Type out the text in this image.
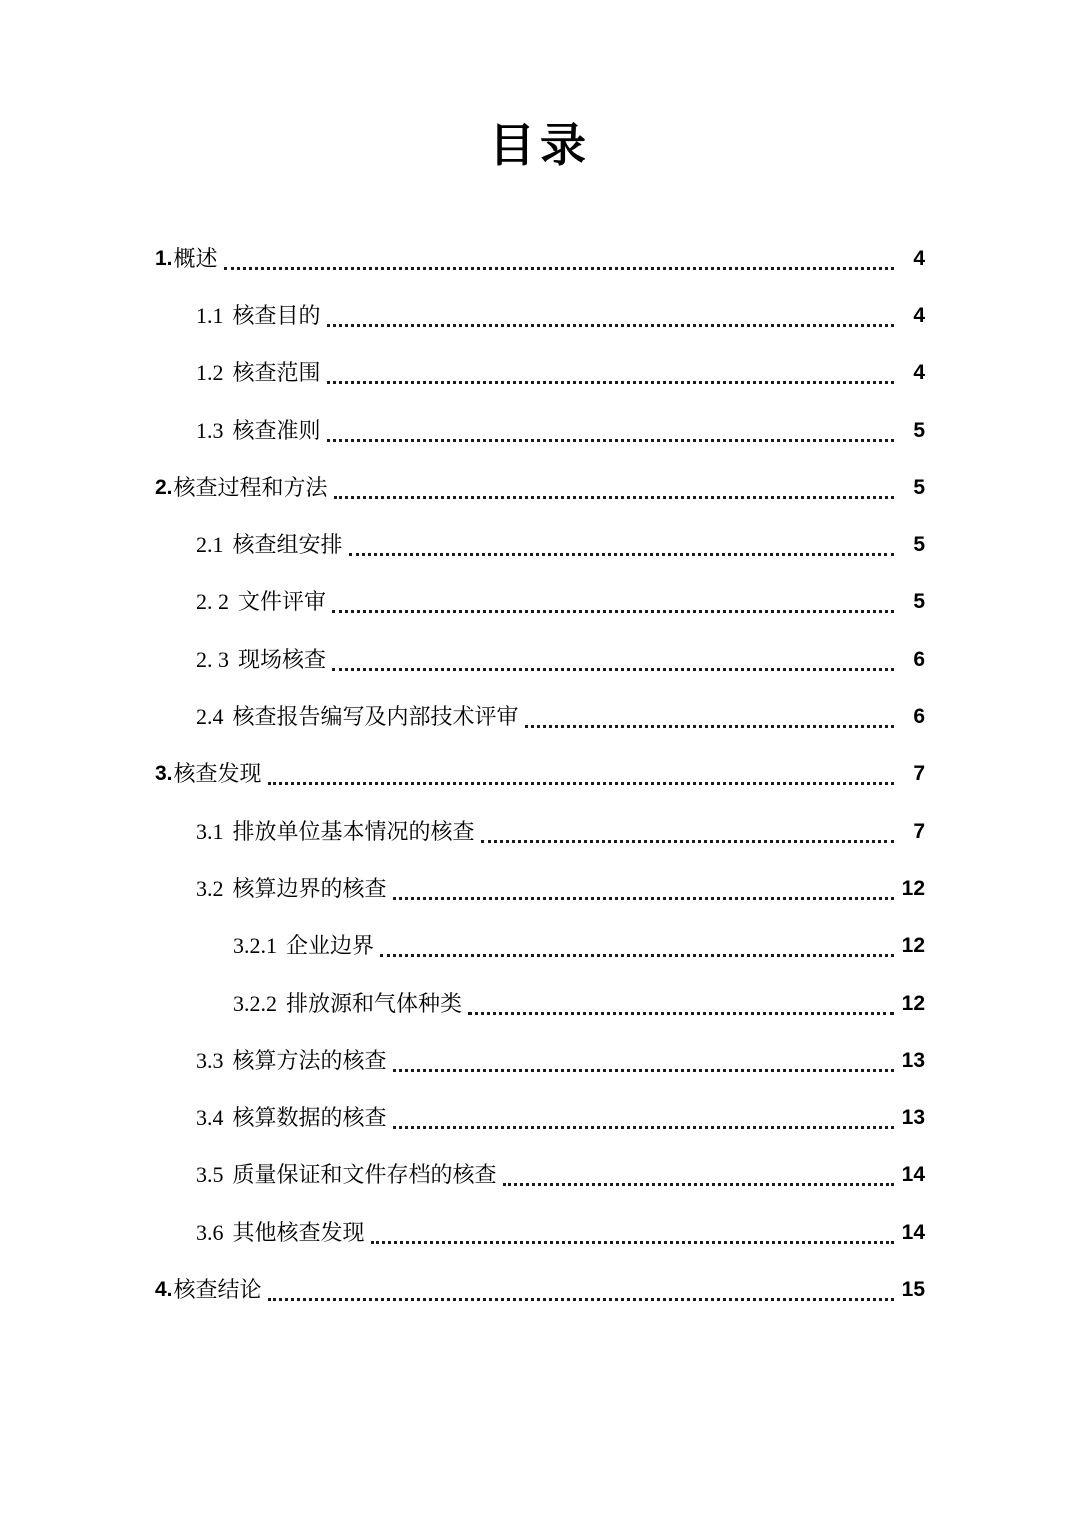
目录
1. 概述	4
1.1 核查目的	4
1.2 核查范围	4
1.3 核查准则	5
2. 核查过程和方法	5
2.1 核查组安排	5
2. 2 文件评审	5
2. 3 现场核查	6
2.4 核查报告编写及内部技术评审	6
3. 核查发现	7
3.1 排放单位基本情况的核查	7
3.2 核算边界的核查	12
3.2.1 企业边界	12
3.2.2 排放源和气体种类	12
3.3 核算方法的核查	13
3.4 核算数据的核查	13
3.5 质量保证和文件存档的核查	14
3.6 其他核查发现	14
4. 核查结论	15
